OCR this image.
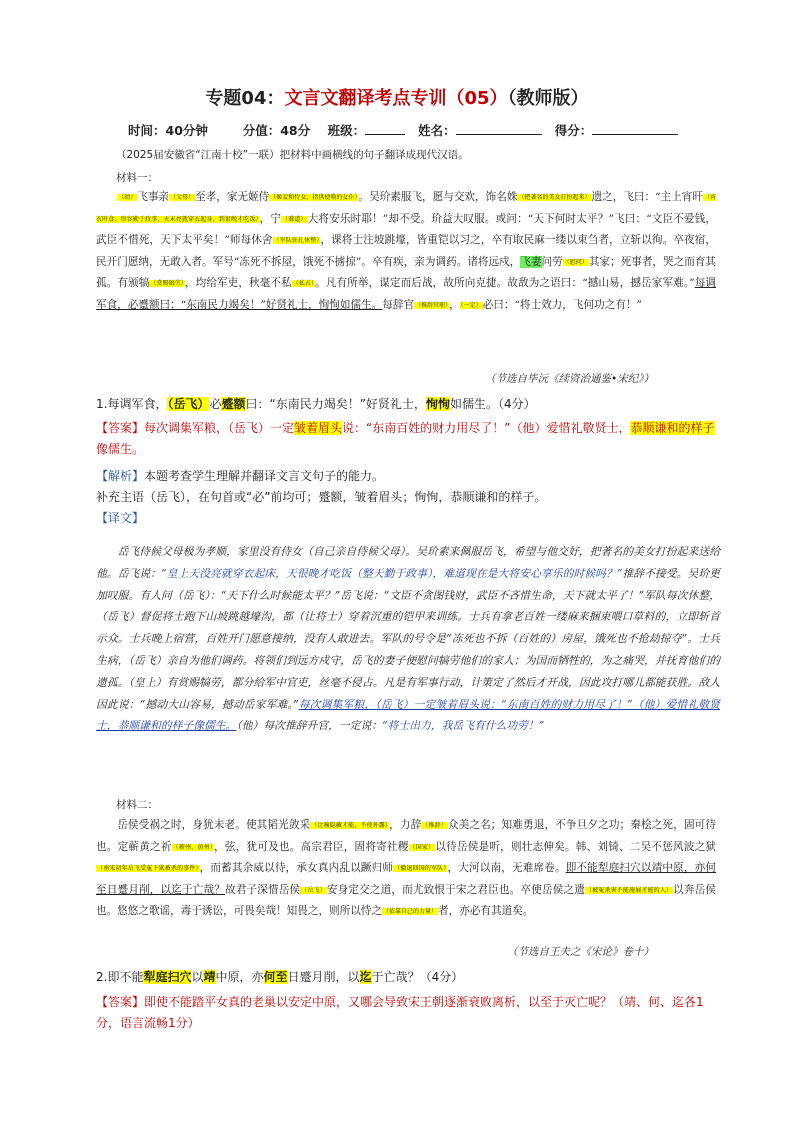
专题04：文言文翻译考点专训（05）（教师版）
时间：40分钟	分值：48分 班级：	姓名：	得分：
（2025届安徽省“江南十校”一联）把材料中画横线的句子翻译成现代汉语。
材料一：

（幼）飞事亲（父母）至孝，家无姬侍（姬妾和侍女，指供使唤的女仆）。吴玠素服飞，愿与交欢，饰名姝（把著名的美女打扮起来）遗之，飞曰：“主上宵旰（宵衣旰食，形容勤于政事，天未亮就穿衣起身，到很晚才吃饭），宁（难道）大将安乐时耶！”却不受。玠益大叹服。或问：“天下何时太平？”飞曰：“文臣不爱钱，武臣不惜死，天下太平矣！”师每休舍（军队驻扎休整），课将士注坡跳壕，皆重铠以习之，卒有取民麻一缕以束刍者，立斩以徇。卒夜宿，民开门愿纳，无敢入者。军号“冻死不拆屋，饿死不掳掠”。卒有疾，亲为调药。诸将远戍，飞妻问劳（慰问）其家；死事者，哭之而育其孤。有颁犒（赏赐犒劳），均给军吏，秋毫不私（私占）。凡有所举，谋定而后战，故所向克捷。故敌为之语曰：“撼山易，撼岳家军难。”每调军食，必蹙额曰：“东南民力竭矣！”好贤礼士，恂恂如儒生。每辞官（推辞官职），（一定）必曰：“将士效力，飞何功之有！”

（节选自毕沅《续资治通鉴•宋纪》）
1.每调军食，（岳飞）必蹙额曰：“东南民力竭矣！”好贤礼士，恂恂如儒生。（4分）
【答案】每次调集军粮，（岳飞）一定皱着眉头说：“东南百姓的财力用尽了！”（他）爱惜礼敬贤士，恭顺谦和的样子像儒生。
【解析】本题考查学生理解并翻译文言文句子的能力。
补充主语（岳飞），在句首或“必”前均可；蹙额，皱着眉头；恂恂，恭顺谦和的样子。
【译文】

岳飞侍候父母极为孝顺，家里没有侍女（自己亲自侍候父母）。吴玠素来佩服岳飞，希望与他交好，把著名的美女打扮起来送给他。岳飞说：“皇上天没亮就穿衣起床，天很晚才吃饭（整天勤于政事），难道现在是大将安心享乐的时候吗？”推辞不接受。吴玠更加叹服。有人问（岳飞）：“天下什么时候能太平？”岳飞说：“文臣不贪图钱财，武臣不吝惜生命，天下就太平了！”军队每次休整，（岳飞）督促将士跑下山坡跳越壕沟，都（让将士）穿着沉重的铠甲来训练。士兵有拿老百姓一缕麻来捆束喂口草料的，立即斩首示众。士兵晚上宿营，百姓开门愿意接纳，没有人敢进去。军队的号令是“冻死也不拆（百姓的）房屋，饿死也不抢劫掠夺”。士兵生病，（岳飞）亲自为他们调药。将领们到远方戍守，岳飞的妻子便慰问犒劳他们的家人；为国而牺牲的，为之痛哭，并抚育他们的遗孤。（皇上）有赏赐犒劳，都分给军中官吏，丝毫不侵占。凡是有军事行动，计策定了然后才开战，因此攻打哪儿都能获胜。敌人因此说：“撼动大山容易，撼动岳家军难。”每次调集军粮，（岳飞）一定皱着眉头说：“东南百姓的财力用尽了！”（他）爱惜礼敬贤士，恭顺谦和的样子像儒生。（他）每次推辞升官，一定说：“将士出力，我岳飞有什么功劳！”

材料二：

岳侯受祸之时，身犹未老。使其韬光敛采（比喻隐藏才能，不使外露），力辞（推辞）众美之名；知难勇退，不争旦夕之功；秦桧之死，固可待也。定蕲黄之祈（蕲州、黄州），弦，犹可及也。高宗君臣，固将寄社稷（国家）以待岳侯是听，则壮志伸矣。韩、刘锜、二吴不惩风波之狱（南宋初年岳飞受冤下狱被杀的事件），而蓄其余威以待，承女真内乱以蹶归师（撤退回国的军队），大河以南，无难席卷。即不能犁庭扫穴以靖中原，亦何至日蹙月削，以迄于亡哉？故君子深惜岳侯（岳飞）安身定交之道，而尤致恨于宋之君臣也。卒使岳侯之遗（被冤杀害不能施展才能的人）以奔岳侯也。悠悠之歌谣，毒于诱讼，可畏矣哉！知畏之，则所以恃之（依靠自己的力量）者，亦必有其道矣。

（节选自王夫之《宋论》卷十）
2.即不能犁庭扫穴以靖中原，亦何至日蹙月削，以迄于亡哉？（4分）
【答案】即使不能踏平女真的老巢以安定中原，又哪会导致宋王朝逐渐衰败离析，以至于灭亡呢？（靖、何、迄各1分，语言流畅1分）
